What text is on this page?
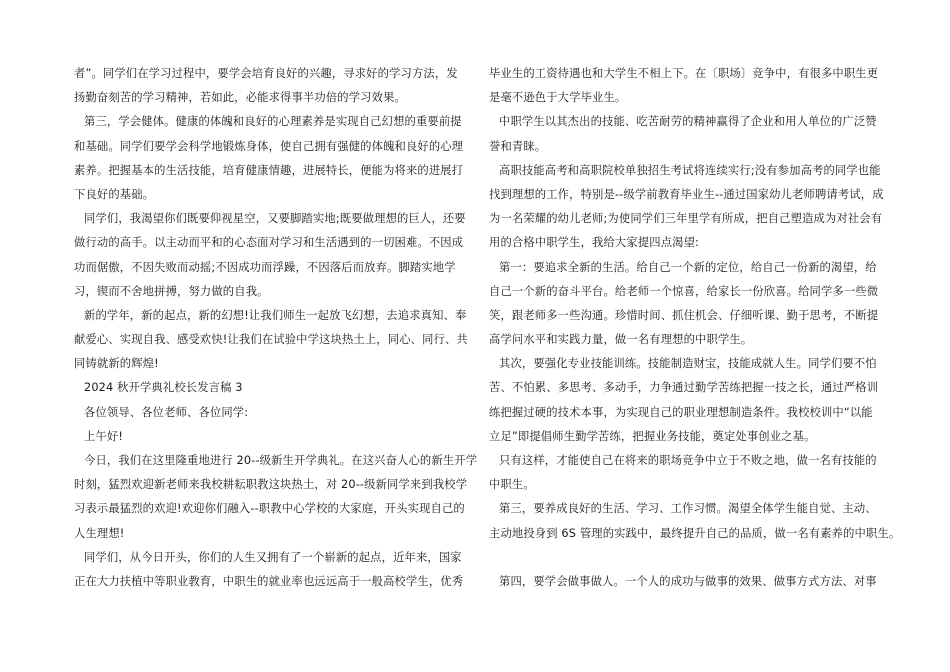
者”。同学们在学习过程中，要学会培育良好的兴趣，寻求好的学习方法，发
扬勤奋刻苦的学习精神，若如此，必能求得事半功倍的学习效果。
第三，学会健体。健康的体魄和良好的心理素养是实现自己幻想的重要前提
和基础。同学们要学会科学地锻炼身体，使自己拥有强健的体魄和良好的心理
素养。把握基本的生活技能，培育健康情趣，进展特长，便能为将来的进展打
下良好的基础。
同学们，我渴望你们既要仰视星空，又要脚踏实地;既要做理想的巨人，还要
做行动的高手。以主动而平和的心态面对学习和生活遇到的一切困难。不因成
功而倨傲，不因失败而动摇;不因成功而浮躁，不因落后而放弃。脚踏实地学
习，锲而不舍地拼搏，努力做的自我。
新的学年，新的起点，新的幻想!让我们师生一起放飞幻想，去追求真知、奉
献爱心、实现自我、感受欢快!让我们在试验中学这块热土上，同心、同行、共
同铸就新的辉煌!
2024 秋开学典礼校长发言稿 3
各位领导、各位老师、各位同学:
上午好!
今日，我们在这里隆重地进行 20--级新生开学典礼。在这兴奋人心的新生开学
时刻，猛烈欢迎新老师来我校耕耘职教这块热土，对 20--级新同学来到我校学
习表示最猛烈的欢迎!欢迎你们融入--职教中心学校的大家庭，开头实现自己的
人生理想!
同学们，从今日开头，你们的人生又拥有了一个崭新的起点，近年来，国家
正在大力扶植中等职业教育，中职生的就业率也远远高于一般高校学生，优秀
毕业生的工资待遇也和大学生不相上下。在〔职场〕竞争中，有很多中职生更
是毫不逊色于大学毕业生。
中职学生以其杰出的技能、吃苦耐劳的精神赢得了企业和用人单位的广泛赞
誉和青睐。
高职技能高考和高职院校单独招生考试将连续实行;没有参加高考的同学也能
找到理想的工作，特别是--级学前教育毕业生--通过国家幼儿老师聘请考试，成
为一名荣耀的幼儿老师;为使同学们三年里学有所成，把自己塑造成为对社会有
用的合格中职学生，我给大家提四点渴望:
第一：要追求全新的生活。给自己一个新的定位，给自己一份新的渴望，给
自己一个新的奋斗平台。给老师一个惊喜，给家长一份欣喜。给同学多一些微
笑，跟老师多一些沟通。珍惜时间、抓住机会、仔细听课、勤于思考，不断提
高学问水平和实践力量，做一名有理想的中职学生。
其次，要强化专业技能训练。技能制造财宝，技能成就人生。同学们要不怕
苦、不怕累、多思考、多动手，力争通过勤学苦练把握一技之长，通过严格训
练把握过硬的技术本事，为实现自己的职业理想制造条件。我校校训中“以能
立足”即提倡师生勤学苦练，把握业务技能，奠定处事创业之基。
只有这样，才能使自己在将来的职场竞争中立于不败之地，做一名有技能的
中职生。
第三，要养成良好的生活、学习、工作习惯。渴望全体学生能自觉、主动、
主动地投身到 6S 管理的实践中，最终提升自己的品质，做一名有素养的中职生。
第四，要学会做事做人。一个人的成功与做事的效果、做事方式方法、对事
